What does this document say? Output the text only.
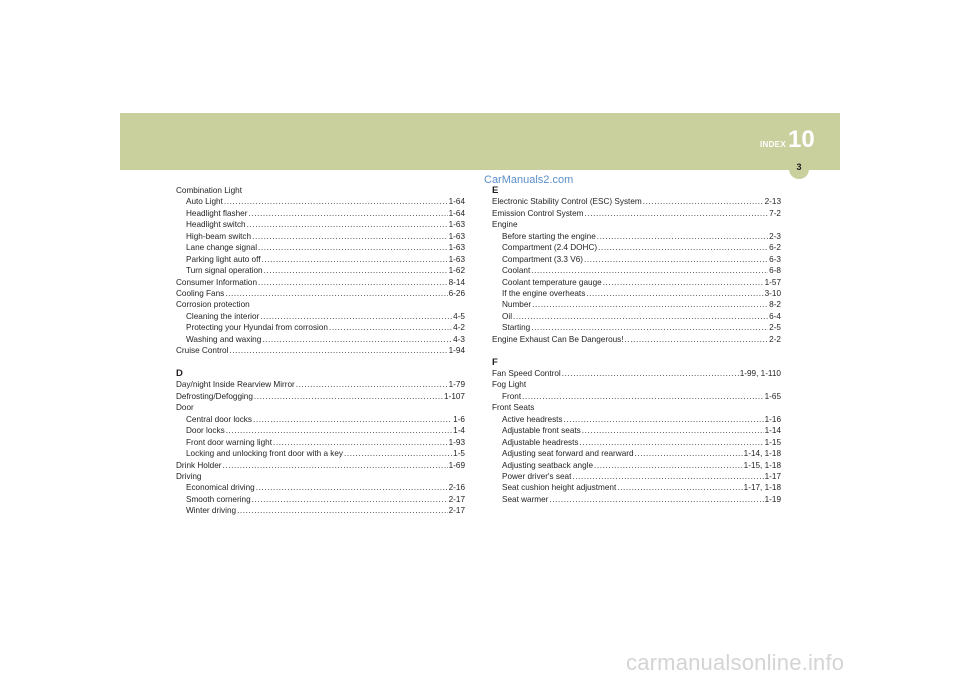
INDEX 10
3
CarManuals2.com
Combination Light
Auto Light .....	1-64
Headlight flasher .....	1-64
Headlight switch .....	1-63
High-beam switch .....	1-63
Lane change signal .....	1-63
Parking light auto off .....	1-63
Turn signal operation .....	1-62
Consumer Information .....	8-14
Cooling Fans .....	6-26
Corrosion protection
Cleaning the interior .....	4-5
Protecting your Hyundai from corrosion .....	4-2
Washing and waxing .....	4-3
Cruise Control .....	1-94
D
Day/night Inside Rearview Mirror .....	1-79
Defrosting/Defogging .....	1-107
Door
Central door locks .....	1-6
Door locks .....	1-4
Front door warning light .....	1-93
Locking and unlocking front door with a key .....	1-5
Drink Holder .....	1-69
Driving
Economical driving .....	2-16
Smooth cornering .....	2-17
Winter driving .....	2-17
E
Electronic Stability Control (ESC) System .....	2-13
Emission Control System .....	7-2
Engine
Before starting the engine .....	2-3
Compartment (2.4 DOHC) .....	6-2
Compartment (3.3 V6) .....	6-3
Coolant .....	6-8
Coolant temperature gauge .....	1-57
If the engine overheats .....	3-10
Number .....	8-2
Oil .....	6-4
Starting .....	2-5
Engine Exhaust Can Be Dangerous! .....	2-2
F
Fan Speed Control .....	1-99, 1-110
Fog Light
Front .....	1-65
Front Seats
Active headrests .....	1-16
Adjustable front seats .....	1-14
Adjustable headrests .....	1-15
Adjusting seat forward and rearward .....	1-14, 1-18
Adjusting seatback angle .....	1-15, 1-18
Power driver's seat .....	1-17
Seat cushion height adjustment .....	1-17, 1-18
Seat warmer .....	1-19
carmanualsonline.info
